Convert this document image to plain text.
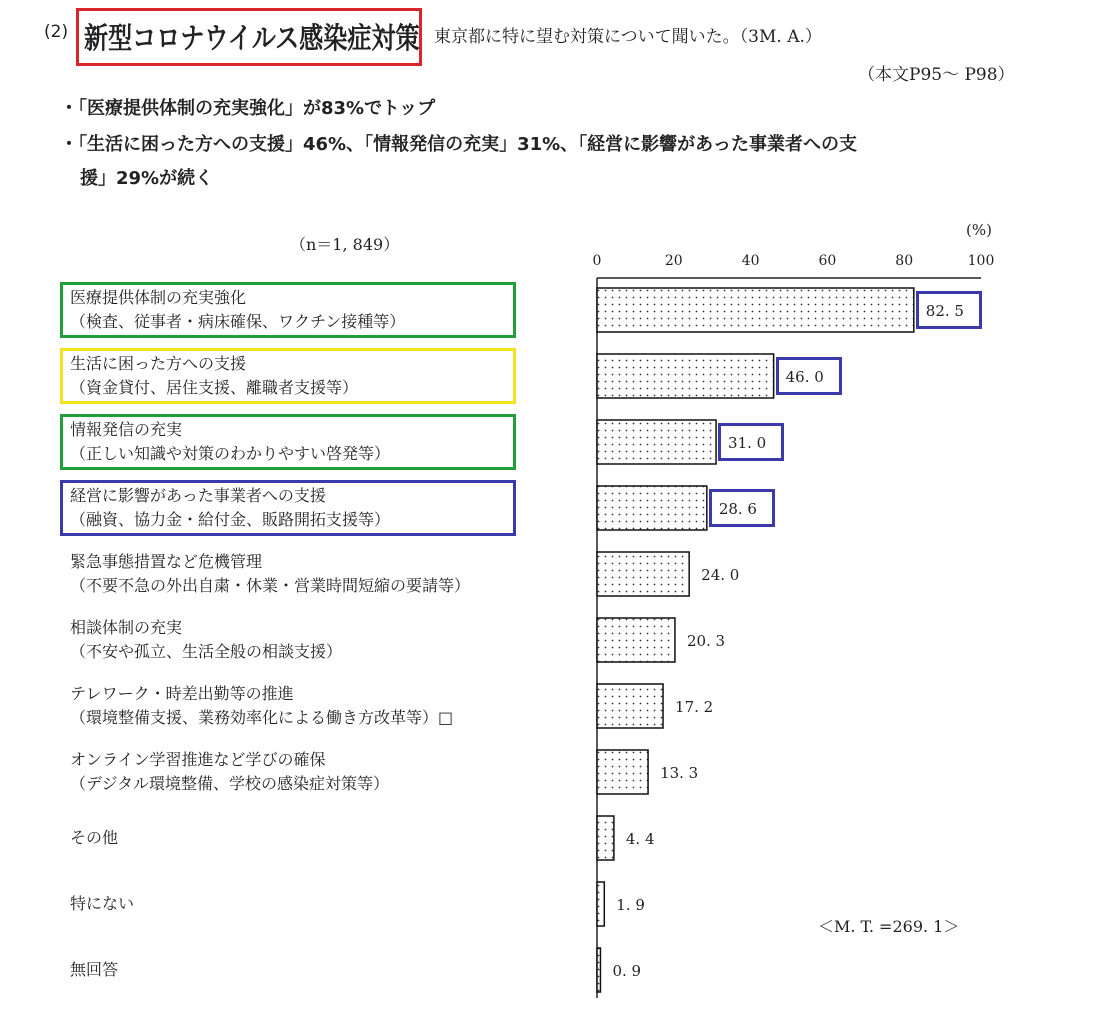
(2) 新型コロナウイルス感染症対策 東京都に特に望む対策について聞いた。（3M. A.）
（本文P95～ P98）
・「医療提供体制の充実強化」が83%でトップ
・「生活に困った方への支援」46%、「情報発信の充実」31%、「経営に影響があった事業者への支
援」29%が続く
（n＝1, 849）
(%)
＜M. T. =269. 1＞
医療提供体制の充実強化
（検査、従事者・病床確保、ワクチン接種等）
生活に困った方への支援
（資金貸付、居住支援、離職者支援等）
情報発信の充実
（正しい知識や対策のわかりやすい啓発等）
経営に影響があった事業者への支援
（融資、協力金・給付金、販路開拓支援等）
緊急事態措置など危機管理
（不要不急の外出自粛・休業・営業時間短縮の要請等）
相談体制の充実
（不安や孤立、生活全般の相談支援）
テレワーク・時差出勤等の推進
（環境整備支援、業務効率化による働き方改革等）□
オンライン学習推進など学びの確保
（デジタル環境整備、学校の感染症対策等）
その他
特にない
無回答
0	20	40	60	80	100
82. 5
46. 0
31. 0
28. 6
24. 0
20. 3
17. 2
13. 3
4. 4
1. 9
0. 9
